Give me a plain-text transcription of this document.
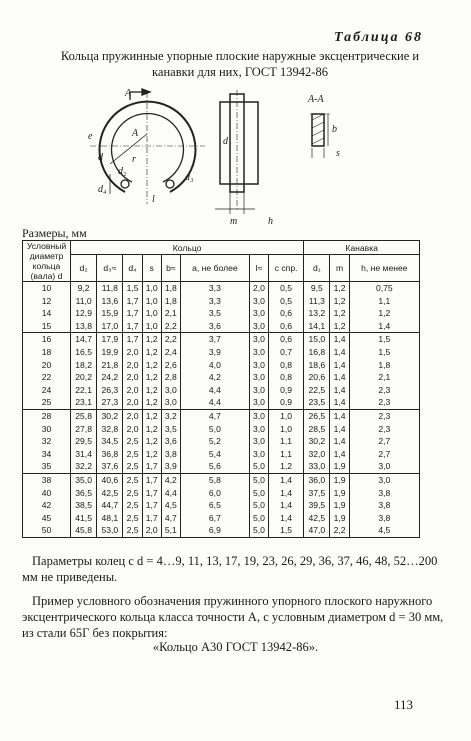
Таблица 68
Кольца пружинные упорные плоские наружные эксцентрические и канавки для них, ГОСТ 13942-86
A
A
A-A
e
d
d
d₃
b
s
m	h
d₂
r
d₄
l
Размеры, мм
Условный диаметр кольца (вала) d	Кольцо								Канавка		
	d₂	d₃≈	d₄	s	b≈	a, не более	l≈	c спр.	d₁	m	h, не менее
10	9,2	11,8	1,5	1,0	1,8	3,3	2,0	0,5	9,5	1,2	0,75
12	11,0	13,6	1,7	1,0	1,8	3,3	3,0	0,5	11,3	1,2	1,1
14	12,9	15,9	1,7	1,0	2,1	3,5	3,0	0,6	13,2	1,2	1,2
15	13,8	17,0	1,7	1,0	2,2	3,6	3,0	0,6	14,1	1,2	1,4
16	14,7	17,9	1,7	1,2	2,2	3,7	3,0	0,6	15,0	1,4	1,5
18	16,5	19,9	2,0	1,2	2,4	3,9	3,0	0,7	16,8	1,4	1,5
20	18,2	21,8	2,0	1,2	2,6	4,0	3,0	0,8	18,6	1,4	1,8
22	20,2	24,2	2,0	1,2	2,8	4,2	3,0	0,8	20,6	1,4	2,1
24	22,1	26,3	2,0	1,2	3,0	4,4	3,0	0,9	22,5	1,4	2,3
25	23,1	27,3	2,0	1,2	3,0	4,4	3,0	0,9	23,5	1,4	2,3
28	25,8	30,2	2,0	1,2	3,2	4,7	3,0	1,0	26,5	1,4	2,3
30	27,8	32,8	2,0	1,2	3,5	5,0	3,0	1,0	28,5	1,4	2,3
32	29,5	34,5	2,5	1,2	3,6	5,2	3,0	1,1	30,2	1,4	2,7
34	31,4	36,8	2,5	1,2	3,8	5,4	3,0	1,1	32,0	1,4	2,7
35	32,2	37,6	2,5	1,7	3,9	5,6	5,0	1,2	33,0	1,9	3,0
38	35,0	40,6	2,5	1,7	4,2	5,8	5,0	1,4	36,0	1,9	3,0
40	36,5	42,5	2,5	1,7	4,4	6,0	5,0	1,4	37,5	1,9	3,8
42	38,5	44,7	2,5	1,7	4,5	6,5	5,0	1,4	39,5	1,9	3,8
45	41,5	48,1	2,5	1,7	4,7	6,7	5,0	1,4	42,5	1,9	3,8
50	45,8	53,0	2,5	2,0	5,1	6,9	5,0	1,5	47,0	2,2	4,5
Параметры колец с d = 4…9, 11, 13, 17, 19, 23, 26, 29, 36, 37, 46, 48, 52…200 мм не приведены.
Пример условного обозначения пружинного упорного плоского наружного эксцентрического кольца класса точности А, с условным диаметром d = 30 мм, из стали 65Г без покрытия:
«Кольцо А30 ГОСТ 13942-86».
113
